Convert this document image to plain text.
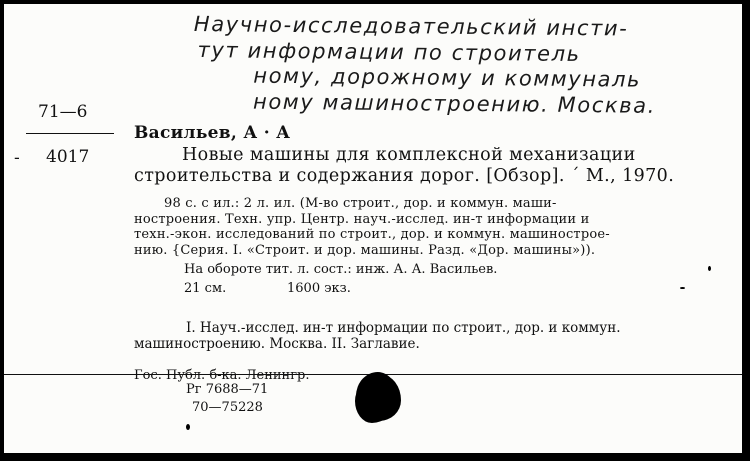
Научно-исследовательский инсти-
тут информации по строитель
ному, дорожному и коммуналь
ному машиностроению. Москва.
71—6
- 4017
Васильев, А · А
Новые машины для комплексной механизации
строительства и содержания дорог. [Обзор]. ´ М., 1970.
98 с. с ил.: 2 л. ил. (М-во строит., дор. и коммун. маши-
ностроения. Техн. упр. Центр. науч.-исслед. ин-т информации и
техн.-экон. исследований по строит., дор. и коммун. машинострое-
нию. {Серия. I. «Строит. и дор. машины. Разд. «Дор. машины»)).
На обороте тит. л. сост.: инж. А. А. Васильев.
21 см.	1600 экз.
I. Науч.-исслед. ин-т информации по строит., дор. и коммун.
машиностроению. Москва. II. Заглавие.
Гос. Публ. б-ка. Ленингр.
Рг 7688—71
70—75228
